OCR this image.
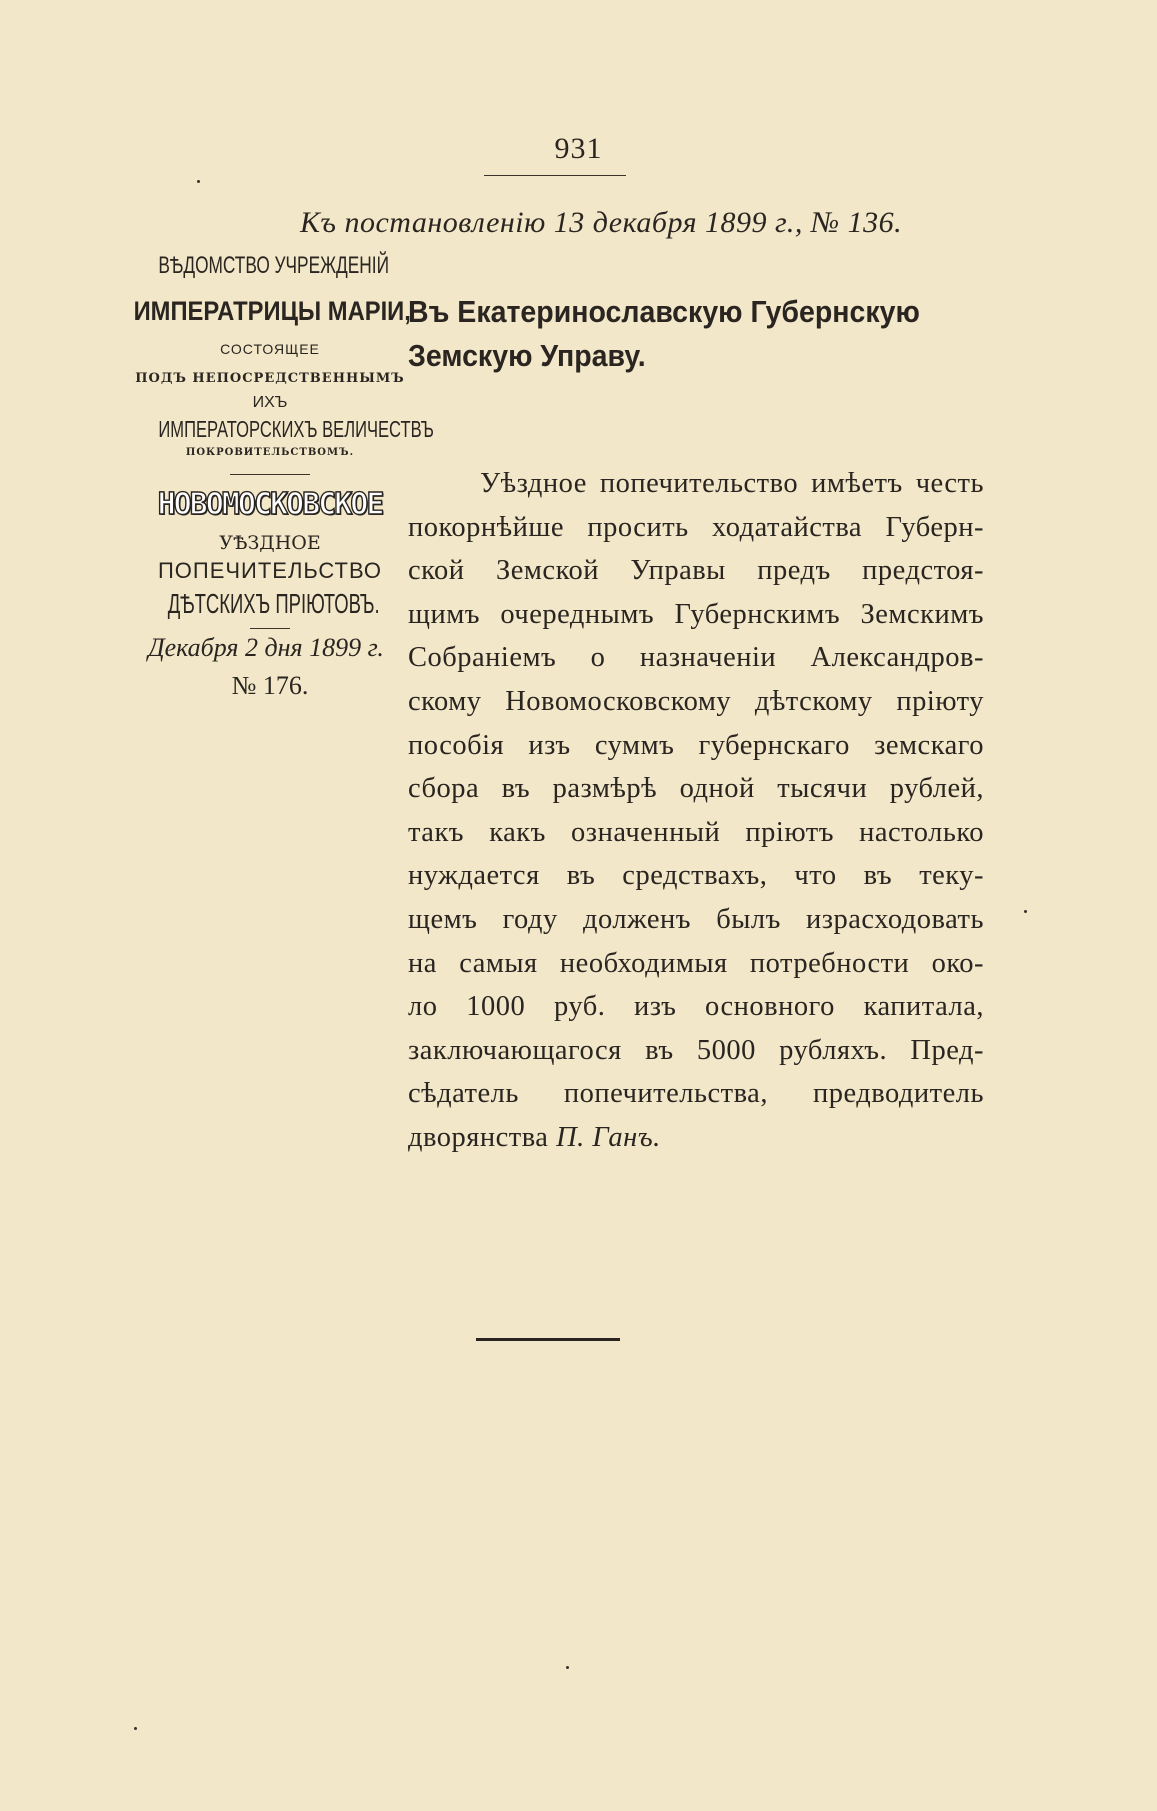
931
Къ постановленію 13 декабря 1899 г., № 136.
ВѢДОМСТВО УЧРЕЖДЕНІЙ
ИМПЕРАТРИЦЫ МАРІИ,
СОСТОЯЩЕЕ
ПОДЪ НЕПОСРЕДСТВЕННЫМЪ
ИХЪ
ИМПЕРАТОРСКИХЪ ВЕЛИЧЕСТВЪ
ПОКРОВИТЕЛЬСТВОМЪ.
НОВОМОСКОВСКОЕ
УѢЗДНОЕ
ПОПЕЧИТЕЛЬСТВО
ДѢТСКИХЪ ПРІЮТОВЪ.
Декабря 2 дня 1899 г.
№ 176.
Въ Екатеринославскую Губернскую
Земскую Управу.
Уѣздное попечительство имѣетъ честь
покорнѣйше просить ходатайства Губерн-
ской Земской Управы предъ предстоя-
щимъ очереднымъ Губернскимъ Земскимъ
Собраніемъ о назначеніи Александров-
скому Новомосковскому дѣтскому пріюту
пособія изъ суммъ губернскаго земскаго
сбора въ размѣрѣ одной тысячи рублей,
такъ какъ означенный пріютъ настолько
нуждается въ средствахъ, что въ теку-
щемъ году долженъ былъ израсходовать
на самыя необходимыя потребности око-
ло 1000 руб. изъ основного капитала,
заключающагося въ 5000 рубляхъ. Пред-
сѣдатель попечительства, предводитель
дворянства П. Ганъ.
